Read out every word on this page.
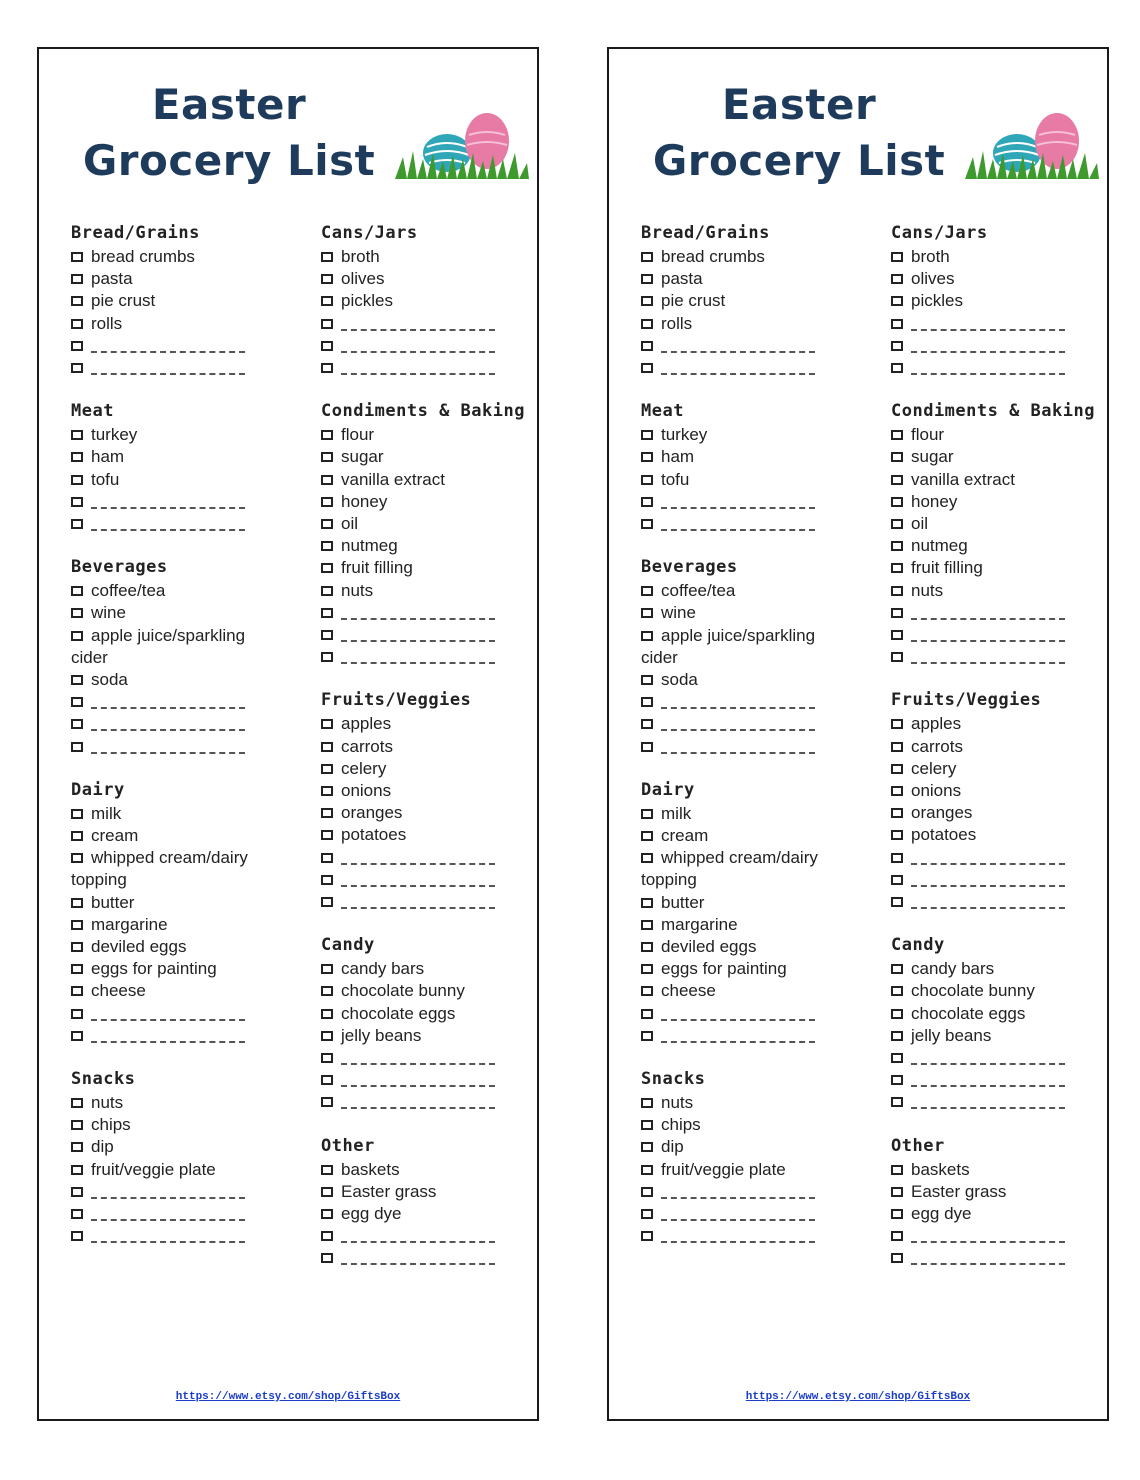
Easter
Grocery List
Bread/Grains
bread crumbs
pasta
pie crust
rolls
Meat
turkey
ham
tofu
Beverages
coffee/tea
wine
apple juice/sparkling cider
soda
Dairy
milk
cream
whipped cream/dairy topping
butter
margarine
deviled eggs
eggs for painting
cheese
Snacks
nuts
chips
dip
fruit/veggie plate
Cans/Jars
broth
olives
pickles
Condiments & Baking
flour
sugar
vanilla extract
honey
oil
nutmeg
fruit filling
nuts
Fruits/Veggies
apples
carrots
celery
onions
oranges
potatoes
Candy
candy bars
chocolate bunny
chocolate eggs
jelly beans
Other
baskets
Easter grass
egg dye
https://www.etsy.com/shop/GiftsBox
Easter
Grocery List
Bread/Grains
bread crumbs
pasta
pie crust
rolls
Meat
turkey
ham
tofu
Beverages
coffee/tea
wine
apple juice/sparkling cider
soda
Dairy
milk
cream
whipped cream/dairy topping
butter
margarine
deviled eggs
eggs for painting
cheese
Snacks
nuts
chips
dip
fruit/veggie plate
Cans/Jars
broth
olives
pickles
Condiments & Baking
flour
sugar
vanilla extract
honey
oil
nutmeg
fruit filling
nuts
Fruits/Veggies
apples
carrots
celery
onions
oranges
potatoes
Candy
candy bars
chocolate bunny
chocolate eggs
jelly beans
Other
baskets
Easter grass
egg dye
https://www.etsy.com/shop/GiftsBox
